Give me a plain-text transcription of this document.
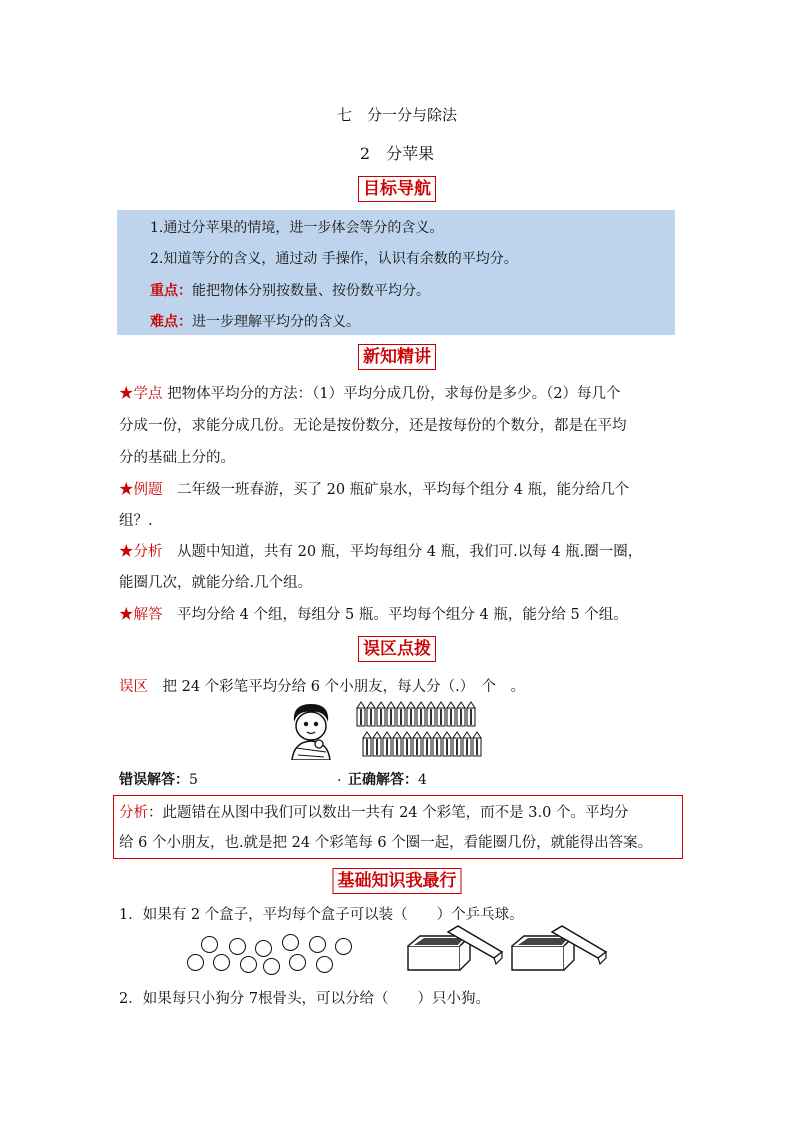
七　分一分与除法
2　分苹果
目标导航
1.通过分苹果的情境，进一步体会等分的含义。
2.知道等分的含义，通过动 手操作，认识有余数的平均分。
重点：能把物体分别按数量、按份数平均分。
难点：进一步理解平均分的含义。
新知精讲
★学点 把物体平均分的方法：（1）平均分成几份，求每份是多少。（2）每几个
分成一份，求能分成几份。无论是按份数分，还是按每份的个数分，都是在平均
分的基础上分的。
★例题　二年级一班春游，买了 20 瓶矿泉水，平均每个组分 4 瓶，能分给几个
组？.
★分析　从题中知道，共有 20 瓶，平均每组分 4 瓶，我们可.以每 4 瓶.圈一圈，
能圈几次，就能分给.几个组。
★解答　平均分给 4 个组，每组分 5 瓶。平均每个组分 4 瓶，能分给 5 个组。
误区点拨
误区　把 24 个彩笔平均分给 6 个小朋友，每人分（.）　个　。
错误解答：5	. 正确解答：4
分析：此题错在从图中我们可以数出一共有 24 个彩笔，而不是 3.0 个。平均分
给 6 个小朋友，也.就是把 24 个彩笔每 6 个圈一起，看能圈几份，就能得出答案。
基础知识我最行
1．如果有 2 个盒子，平均每个盒子可以装（　　）个乒乓球。
2．如果每只小狗分 7根骨头，可以分给（　　）只小狗。
